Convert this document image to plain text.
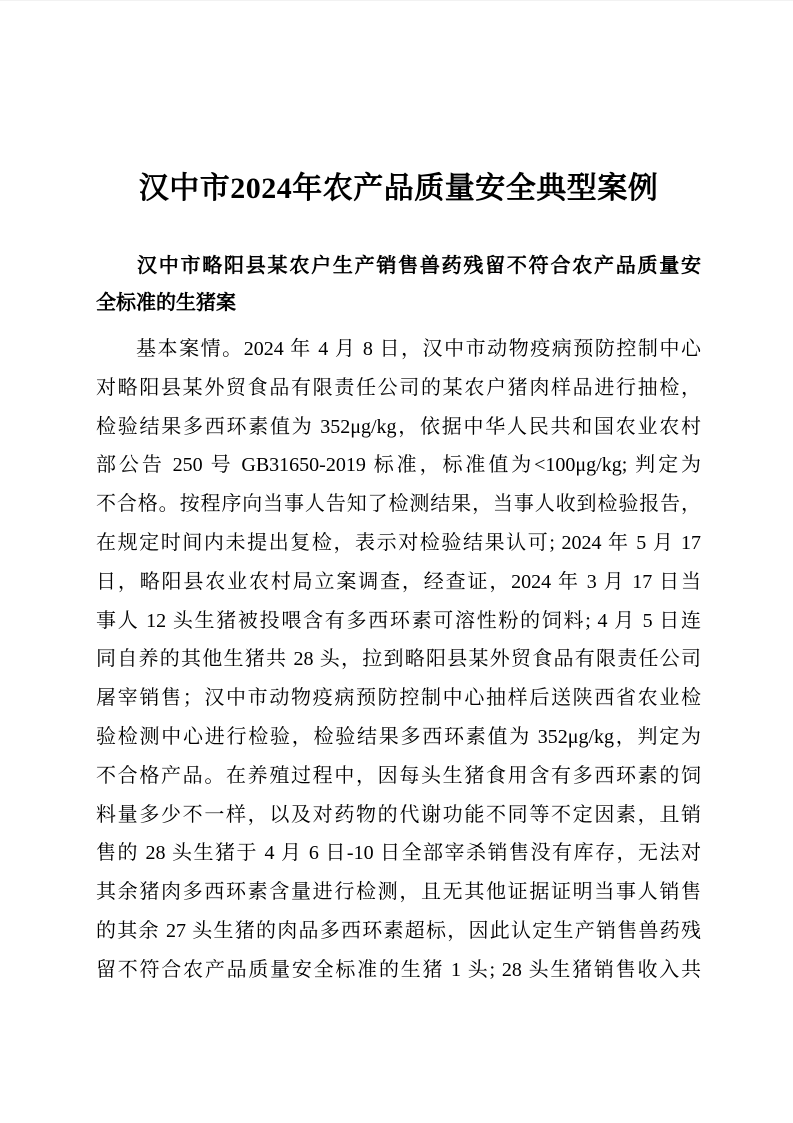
汉中市2024年农产品质量安全典型案例
汉中市略阳县某农户生产销售兽药残留不符合农产品质量安
全标准的生猪案
基本案情。2024 年 4 月 8 日，汉中市动物疫病预防控制中心
对略阳县某外贸食品有限责任公司的某农户猪肉样品进行抽检，
检验结果多西环素值为 352μg/kg，依据中华人民共和国农业农村
部公告 250 号 GB31650-2019 标准，标准值为<100μg/kg; 判定为
不合格。按程序向当事人告知了检测结果，当事人收到检验报告，
在规定时间内未提出复检，表示对检验结果认可; 2024 年 5 月 17
日，略阳县农业农村局立案调查，经查证，2024 年 3 月 17 日当
事人 12 头生猪被投喂含有多西环素可溶性粉的饲料; 4 月 5 日连
同自养的其他生猪共 28 头，拉到略阳县某外贸食品有限责任公司
屠宰销售；汉中市动物疫病预防控制中心抽样后送陕西省农业检
验检测中心进行检验，检验结果多西环素值为 352μg/kg，判定为
不合格产品。在养殖过程中，因每头生猪食用含有多西环素的饲
料量多少不一样，以及对药物的代谢功能不同等不定因素，且销
售的 28 头生猪于 4 月 6 日-10 日全部宰杀销售没有库存，无法对
其余猪肉多西环素含量进行检测，且无其他证据证明当事人销售
的其余 27 头生猪的肉品多西环素超标，因此认定生产销售兽药残
留不符合农产品质量安全标准的生猪 1 头; 28 头生猪销售收入共
